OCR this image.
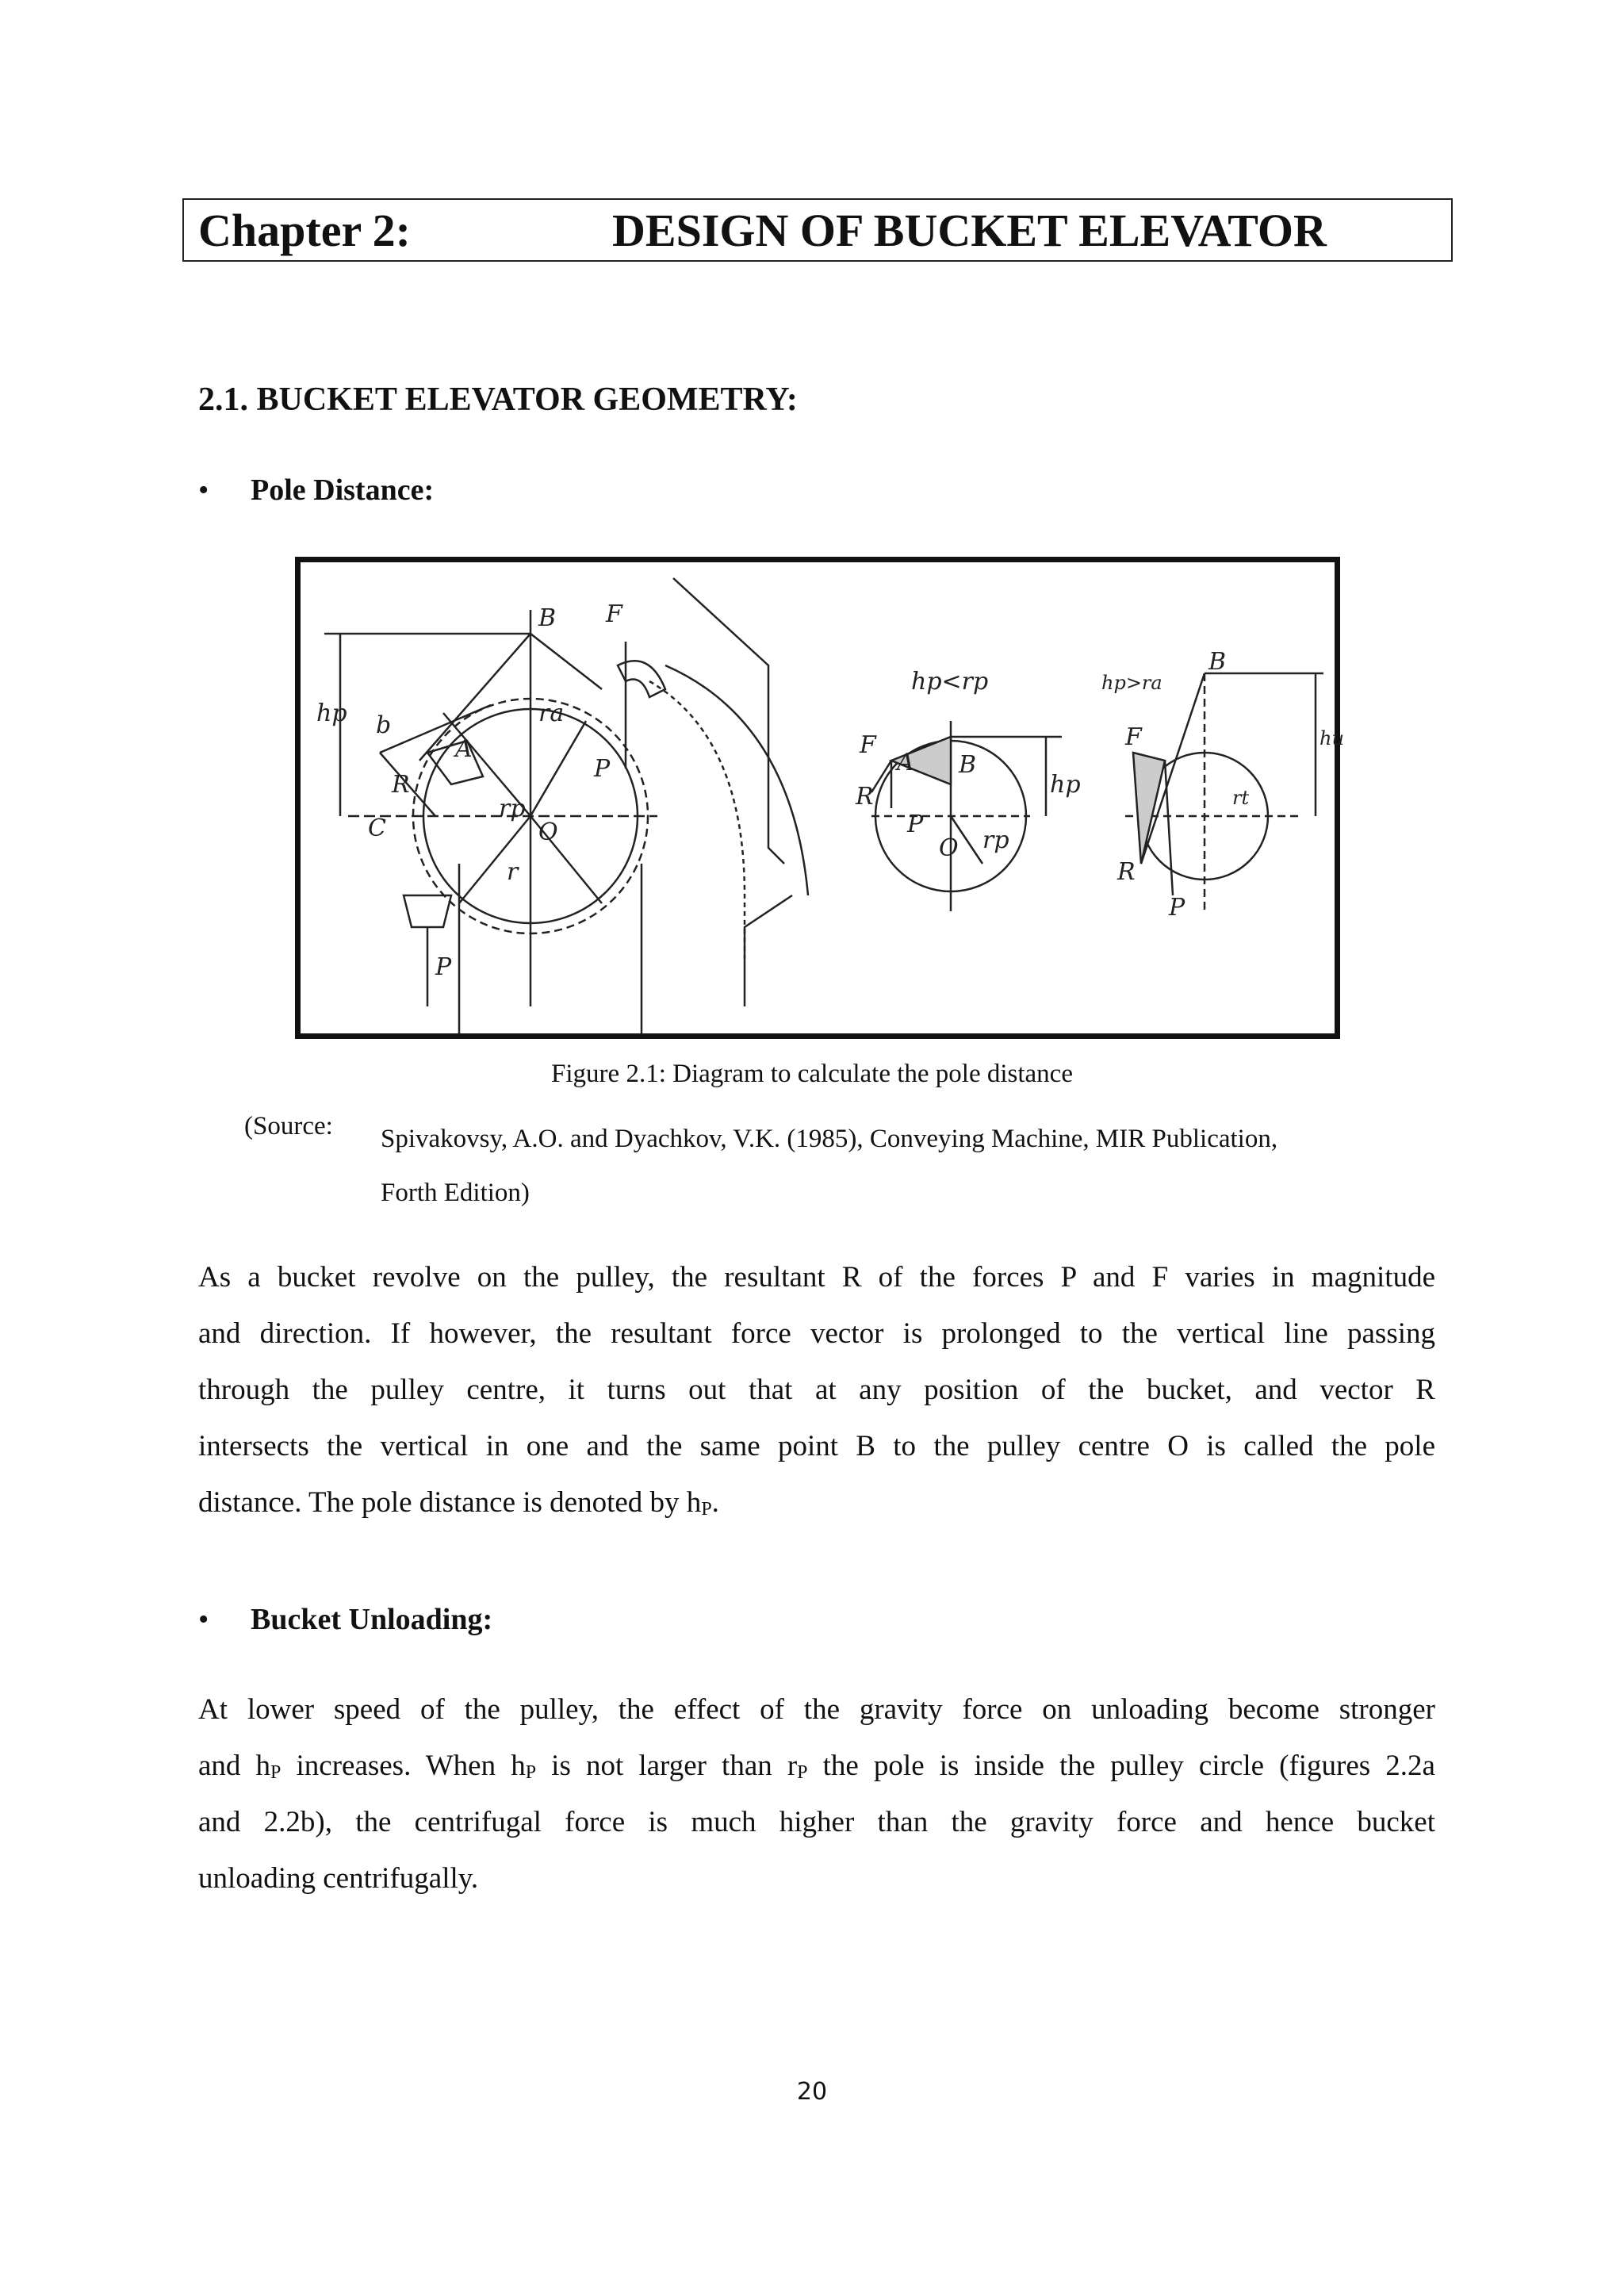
Chapter 2:	DESIGN OF BUCKET ELEVATOR
2.1. BUCKET ELEVATOR GEOMETRY:
• Pole Distance:
B F
A
R
P
O
C
b
hp	ra
rp
r
P
hp<rp
F
A B
R
P
O
hp
rp
hp>ra
B
F
R
P
hu
rt
Figure 2.1: Diagram to calculate the pole distance
(Source: Spivakovsy, A.O. and Dyachkov, V.K. (1985), Conveying Machine, MIR Publication,
Forth Edition)
As a bucket revolve on the pulley, the resultant R of the forces P and F varies in magnitude
and direction. If however, the resultant force vector is prolonged to the vertical line passing
through the pulley centre, it turns out that at any position of the bucket, and vector R
intersects the vertical in one and the same point B to the pulley centre O is called the pole
distance. The pole distance is denoted by $h_P$.
• Bucket Unloading:
At lower speed of the pulley, the effect of the gravity force on unloading become stronger
and $h_P$ increases. When $h_P$ is not larger than $r_P$ the pole is inside the pulley circle (figures 2.2a
and 2.2b), the centrifugal force is much higher than the gravity force and hence bucket
unloading centrifugally.
20
